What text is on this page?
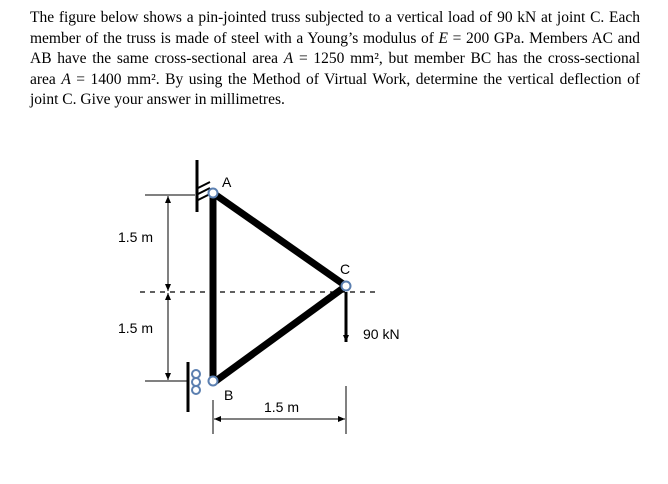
The figure below shows a pin-jointed truss subjected to a vertical load of 90 kN at joint C. Each member of the truss is made of steel with a Young’s modulus of E = 200 GPa. Members AC and AB have the same cross-sectional area A = 1250 mm², but member BC has the cross-sectional area A = 1400 mm². By using the Method of Virtual Work, determine the vertical deflection of joint C. Give your answer in millimetres.

A
B
C
1.5 m
1.5 m
1.5 m
90 kN
